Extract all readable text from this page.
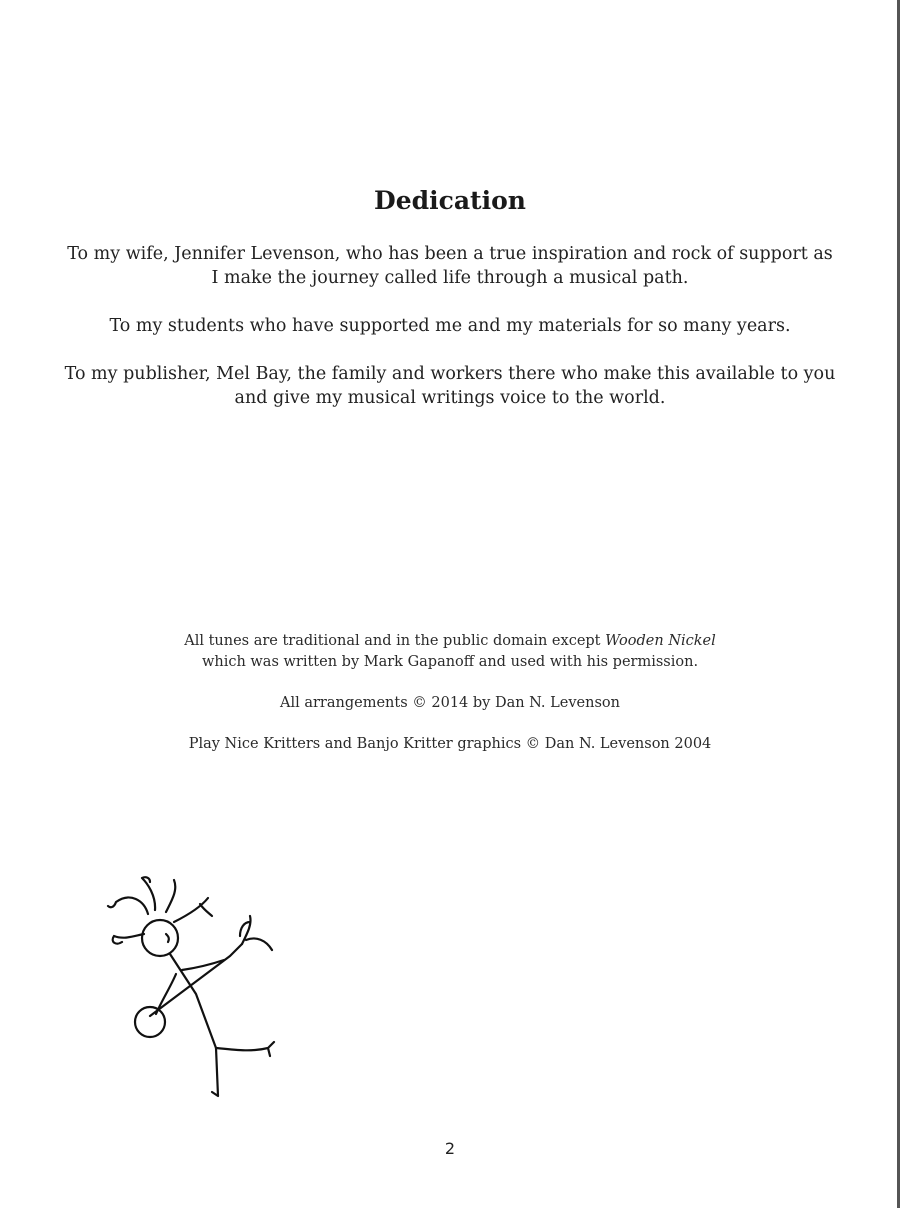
Dedication

To my wife, Jennifer Levenson, who has been a true inspiration and rock of support as
I make the journey called life through a musical path.

To my students who have supported me and my materials for so many years.

To my publisher, Mel Bay, the family and workers there who make this available to you
and give my musical writings voice to the world.

All tunes are traditional and in the public domain except Wooden Nickel
which was written by Mark Gapanoff and used with his permission.

All arrangements © 2014 by Dan N. Levenson

Play Nice Kritters and Banjo Kritter graphics © Dan N. Levenson 2004

2
